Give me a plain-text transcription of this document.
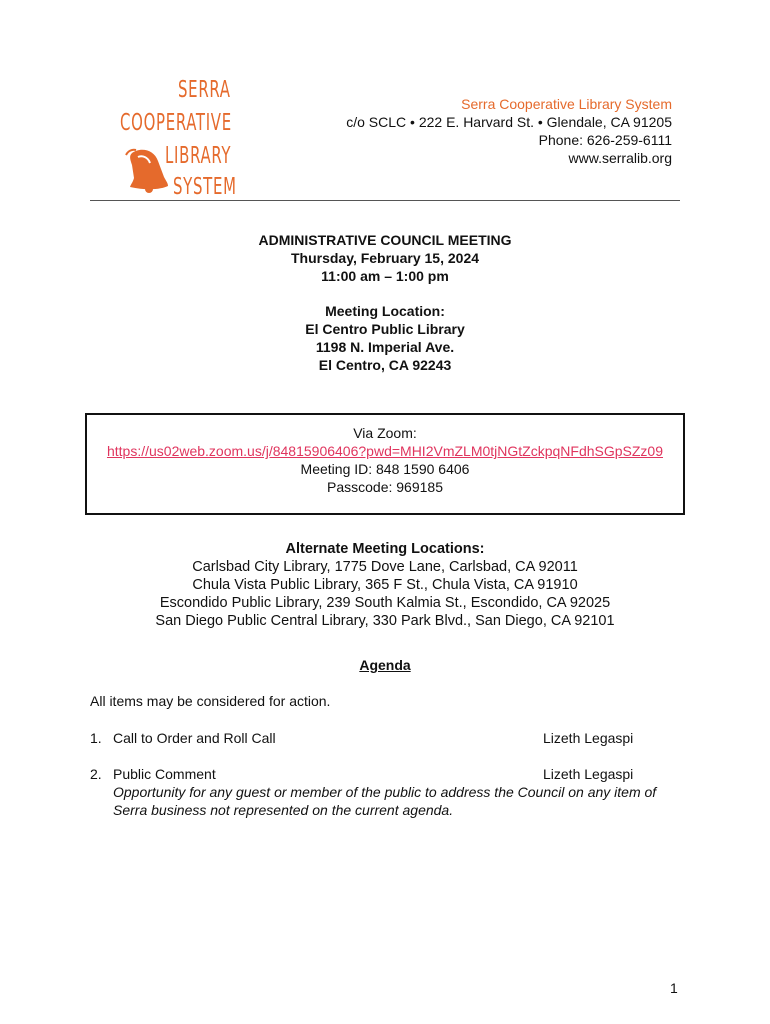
SERRA
COOPERATIVE
LIBRARY
SYSTEM
Serra Cooperative Library System
c/o SCLC • 222 E. Harvard St. • Glendale, CA 91205
Phone: 626-259-6111
www.serralib.org
ADMINISTRATIVE COUNCIL MEETING
Thursday, February 15, 2024
11:00 am – 1:00 pm
Meeting Location:
El Centro Public Library
1198 N. Imperial Ave.
El Centro, CA 92243
Via Zoom:
https://us02web.zoom.us/j/84815906406?pwd=MHI2VmZLM0tjNGtZckpqNFdhSGpSZz09
Meeting ID: 848 1590 6406
Passcode: 969185
Alternate Meeting Locations:
Carlsbad City Library, 1775 Dove Lane, Carlsbad, CA 92011
Chula Vista Public Library, 365 F St., Chula Vista, CA 91910
Escondido Public Library, 239 South Kalmia St., Escondido, CA 92025
San Diego Public Central Library, 330 Park Blvd., San Diego, CA 92101
Agenda
All items may be considered for action.
1. Call to Order and Roll Call	Lizeth Legaspi
2. Public Comment	Lizeth Legaspi
Opportunity for any guest or member of the public to address the Council on any item of Serra business not represented on the current agenda.
1
